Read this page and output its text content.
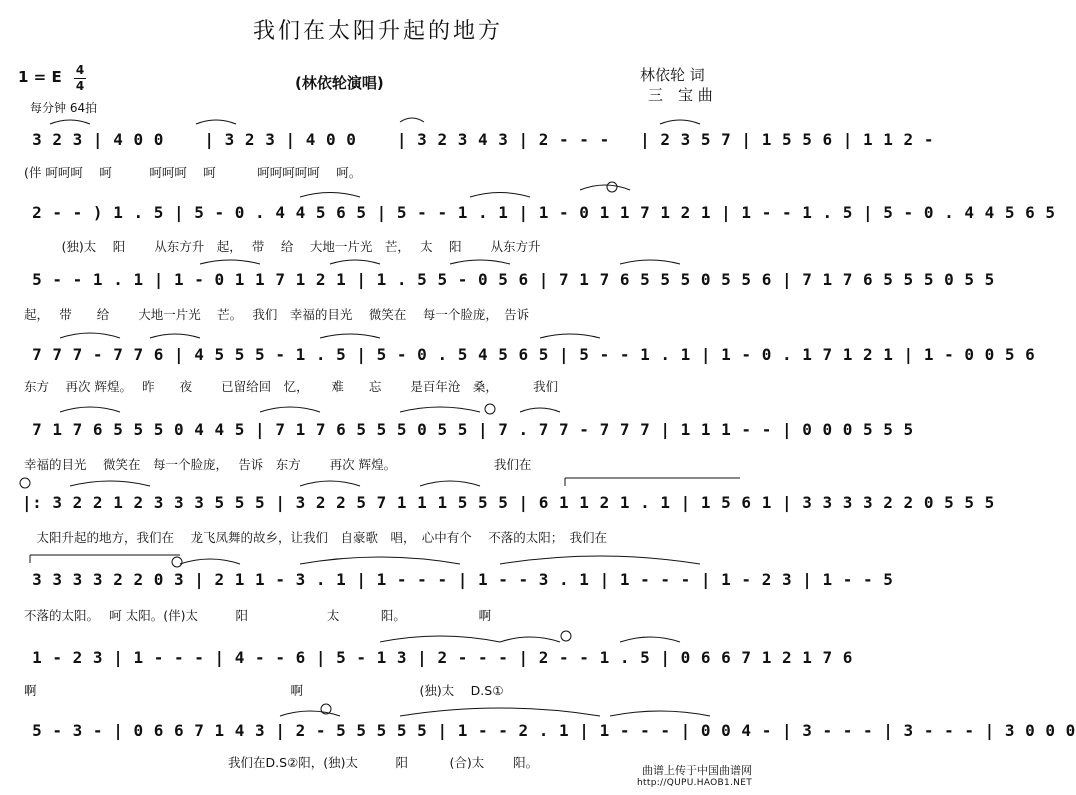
我们在太阳升起的地方
(林依轮演唱)	林依轮 词
三　宝 曲
1 = E 4
4
每分钟 64拍
3 2 3 | 4 0 0    | 3 2 3 | 4 0 0    | 3 2 3 4 3 | 2 - - -   | 2 3 5 7 | 1 5 5 6 | 1 1 2 -
(伴 呵呵呵　 呵　　　呵呵呵　 呵　　　 呵呵呵呵呵　 呵。
2 - - ) 1 . 5 | 5 - 0 . 4 4 5 6 5 | 5 - - 1 . 1 | 1 - 0 1 1 7 1 2 1 | 1 - - 1 . 5 | 5 - 0 . 4 4 5 6 5
　　　(独)太　 阳　　 从东方升　起，　 带　 给　 大地一片光　芒，　 太　 阳　　 从东方升
5 - - 1 . 1 | 1 - 0 1 1 7 1 2 1 | 1 . 5 5 - 0 5 6 | 7 1 7 6 5 5 5 0 5 5 6 | 7 1 7 6 5 5 5 0 5 5
起，　 带　　给　　 大地一片光　 芒。　 我们　幸福的目光　 微笑在　 每一个脸庞，　告诉
7 7 7 - 7 7 6 | 4 5 5 5 - 1 . 5 | 5 - 0 . 5 4 5 6 5 | 5 - - 1 . 1 | 1 - 0 . 1 7 1 2 1 | 1 - 0 0 5 6
东方　 再次 辉煌。　 昨　　夜　　 已留给回　忆，　　 难　　忘　　 是百年沧　桑，　　　 我们
7 1 7 6 5 5 5 0 4 4 5 | 7 1 7 6 5 5 5 0 5 5 | 7 . 7 7 - 7 7 7 | 1 1 1 - - | 0 0 0 5 5 5
幸福的目光　 微笑在　每一个脸庞，　 告诉　东方　　 再次 辉煌。　　　　　　　　 我们在
|: 3 2 2 1 2 3 3 3 5 5 5 | 3 2 2 5 7 1 1 1 5 5 5 | 6 1 1 2 1 . 1 | 1 5 6 1 | 3 3 3 3 2 2 0 5 5 5
　太阳升起的地方，我们在　 龙飞凤舞的故乡，让我们　自豪歌　唱，　心中有个　 不落的太阳；　我们在
3 3 3 3 2 2 0 3 | 2 1 1 - 3 . 1 | 1 - - - | 1 - - 3 . 1 | 1 - - - | 1 - 2 3 | 1 - - 5
不落的太阳。　 呵 太阳。(伴)太　　　阳　　　　　　 太　　　 阳。　　　　　　 啊
1 - 2 3 | 1 - - - | 4 - - 6 | 5 - 1 3 | 2 - - - | 2 - - 1 . 5 | 0 6 6 7 1 2 1 7 6
啊　　　　　　　　　　　　　　　　　　　　 啊　　　　　　　　　 (独)太　 D.S①
5 - 3 - | 0 6 6 7 1 4 3 | 2 - 5 5 5 5 5 | 1 - - 2 . 1 | 1 - - - | 0 0 4 - | 3 - - - | 3 - - - | 3 0 0 0
　　　　　　　　　　　　　　　　 我们在D.S②阳，(独)太　　　阳　　　 (合)太　　 阳。
曲谱上传于中国曲谱网
http://QUPU.HAOB1.NET
